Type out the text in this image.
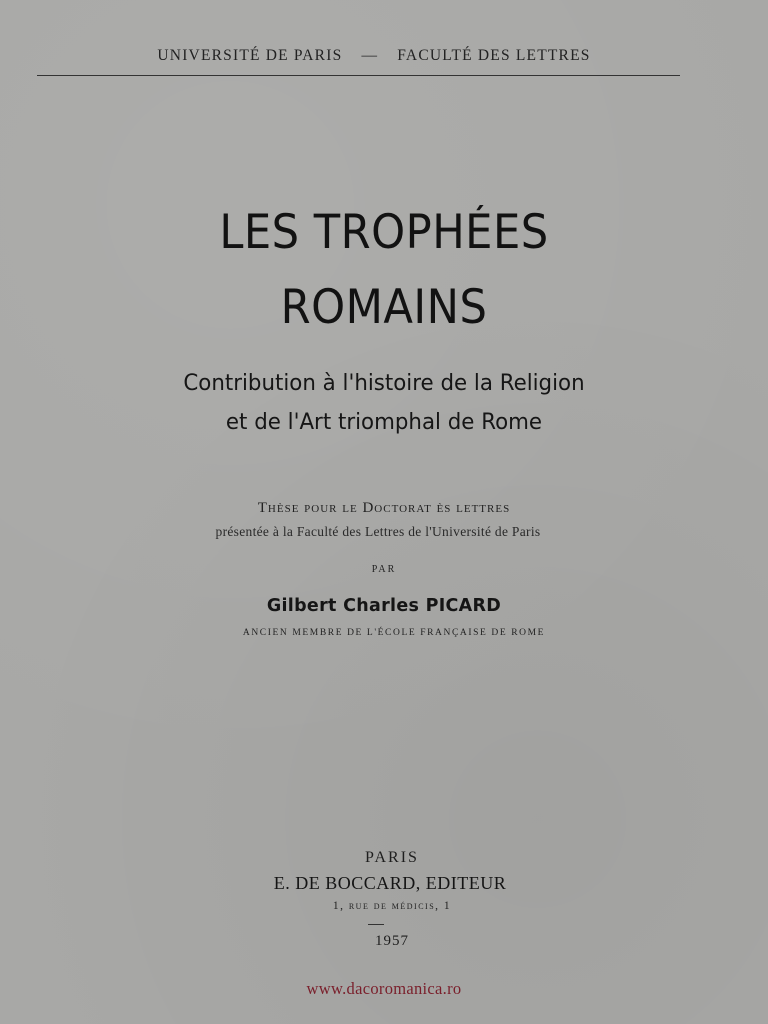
UNIVERSITÉ DE PARIS — FACULTÉ DES LETTRES
LES TROPHÉES
ROMAINS
Contribution à l'histoire de la Religion
et de l'Art triomphal de Rome
Thèse pour le Doctorat ès lettres
présentée à la Faculté des Lettres de l'Université de Paris
PAR
Gilbert Charles PICARD
ANCIEN MEMBRE DE L'ÉCOLE FRANÇAISE DE ROME
PARIS
E. DE BOCCARD, EDITEUR
1, rue de médicis, 1
1957
www.dacoromanica.ro
